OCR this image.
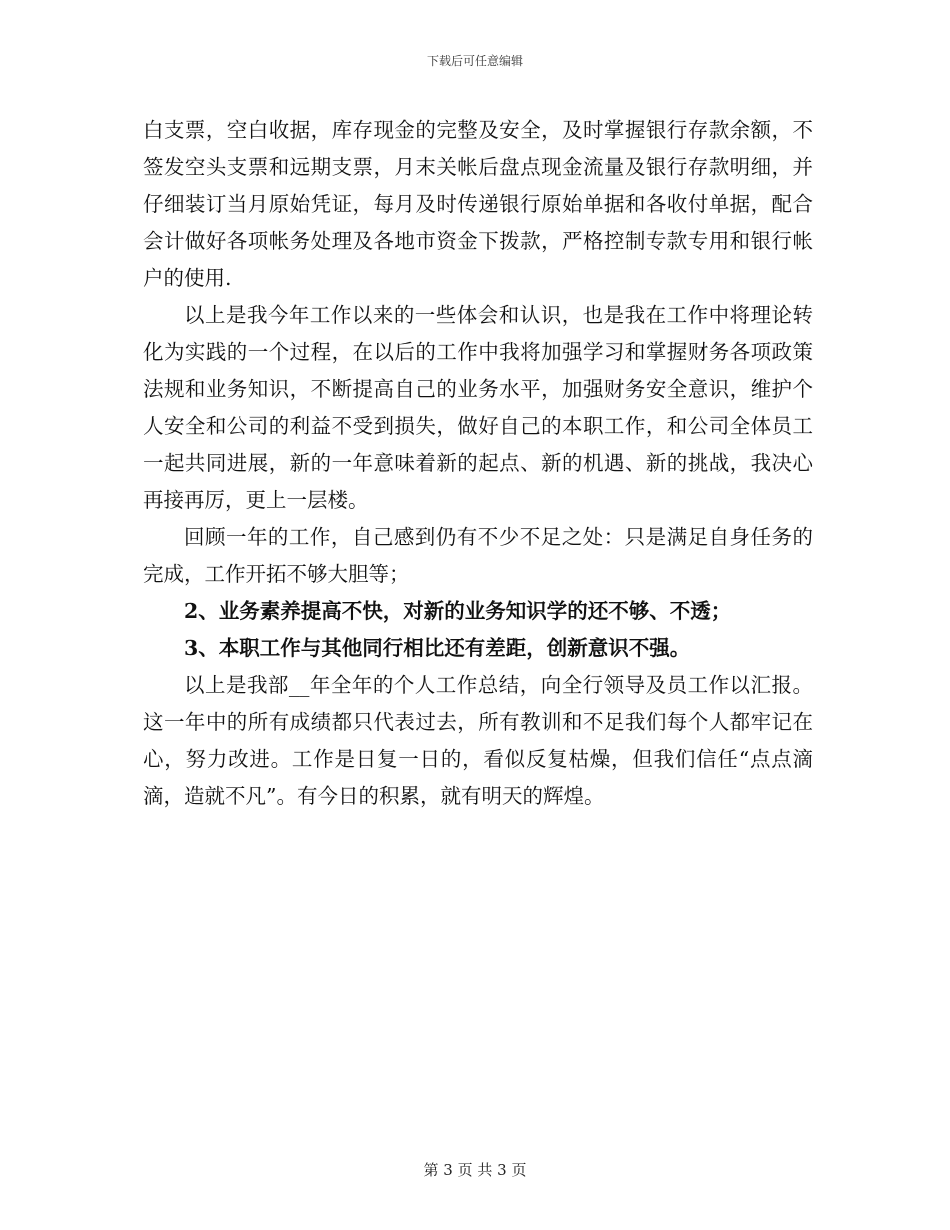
下载后可任意编辑

白支票，空白收据，库存现金的完整及安全，及时掌握银行存款余额，不签发空头支票和远期支票，月末关帐后盘点现金流量及银行存款明细，并仔细装订当月原始凭证，每月及时传递银行原始单据和各收付单据，配合会计做好各项帐务处理及各地市资金下拨款，严格控制专款专用和银行帐户的使用.

以上是我今年工作以来的一些体会和认识，也是我在工作中将理论转化为实践的一个过程，在以后的工作中我将加强学习和掌握财务各项政策法规和业务知识，不断提高自己的业务水平，加强财务安全意识，维护个人安全和公司的利益不受到损失，做好自己的本职工作，和公司全体员工一起共同进展，新的一年意味着新的起点、新的机遇、新的挑战，我决心再接再厉，更上一层楼。

回顾一年的工作，自己感到仍有不少不足之处：只是满足自身任务的完成，工作开拓不够大胆等；

2、业务素养提高不快，对新的业务知识学的还不够、不透；

3、本职工作与其他同行相比还有差距，创新意识不强。

以上是我部__年全年的个人工作总结，向全行领导及员工作以汇报。这一年中的所有成绩都只代表过去，所有教训和不足我们每个人都牢记在心，努力改进。工作是日复一日的，看似反复枯燥，但我们信任“点点滴滴，造就不凡”。有今日的积累，就有明天的辉煌。

第 3 页 共 3 页
